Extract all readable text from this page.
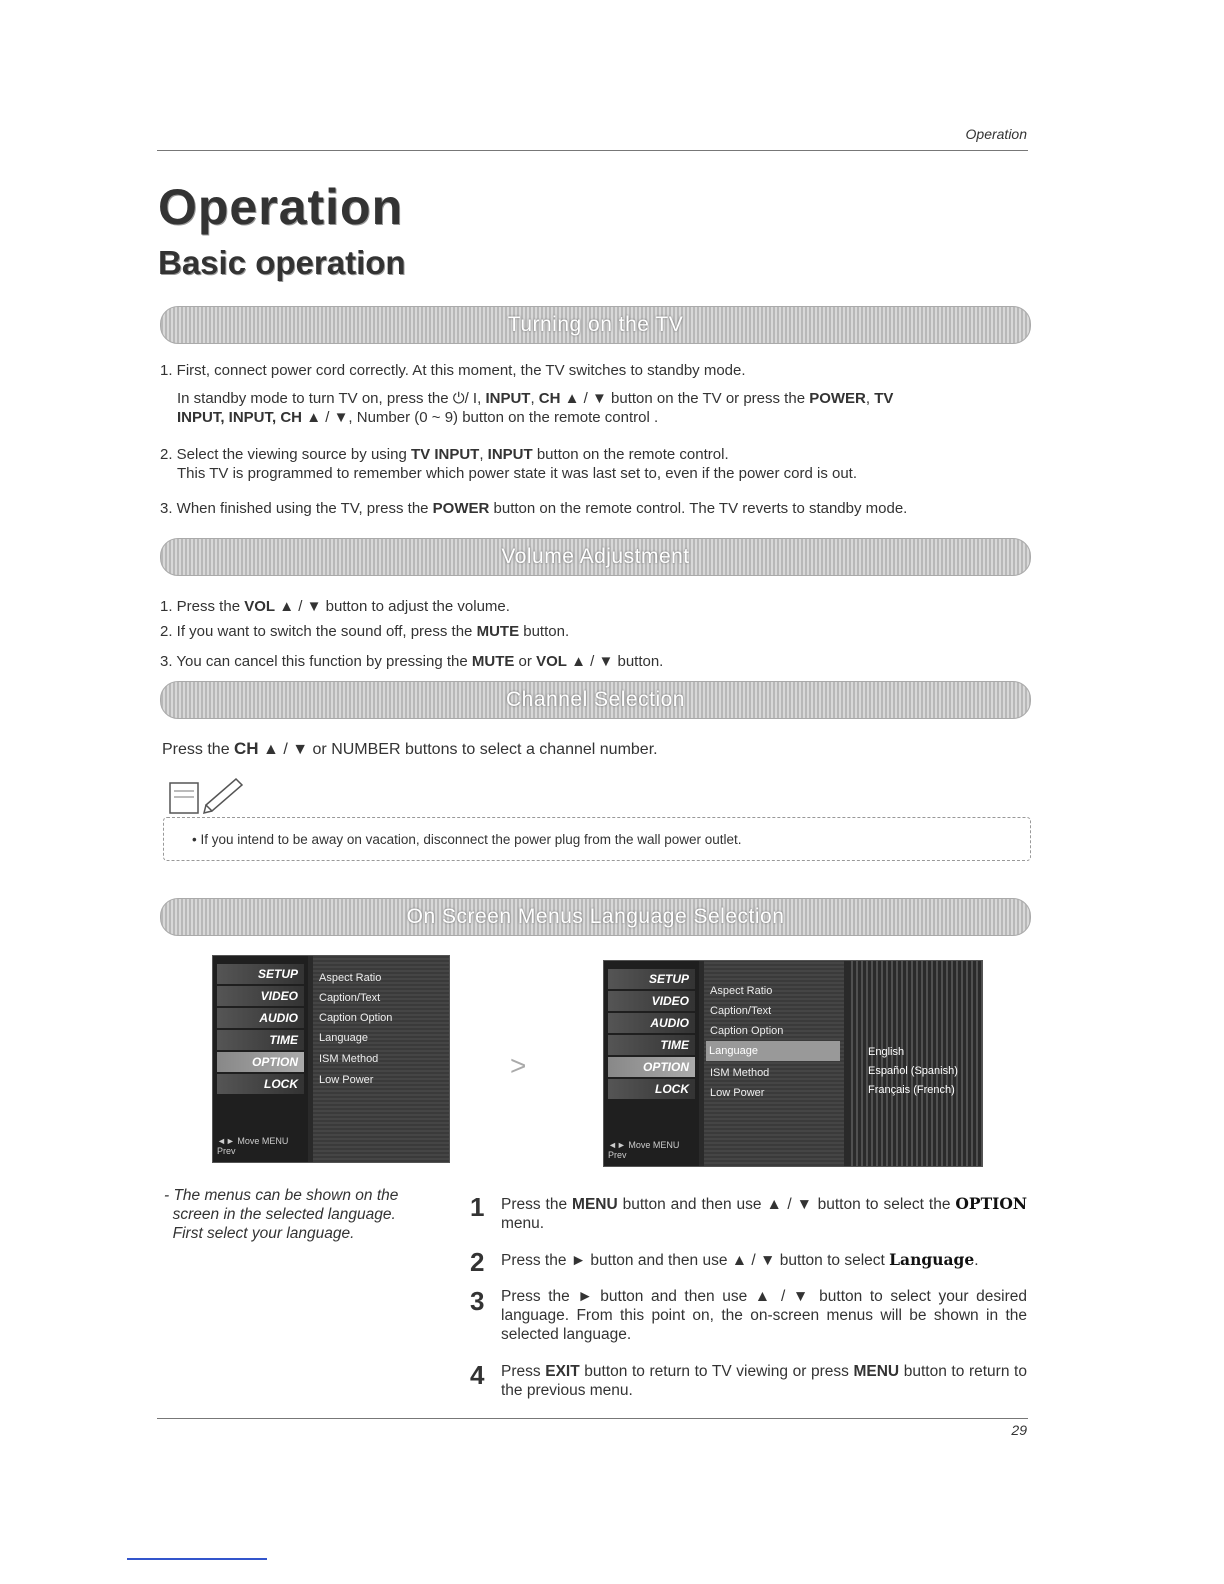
Operation
Operation
Basic operation
Turning on the TV
1. First, connect power cord correctly. At this moment, the TV switches to standby mode.
In standby mode to turn TV on, press the ⏻/ I, INPUT, CH ▲ / ▼ button on the TV or press the POWER, TV
INPUT, INPUT, CH ▲ / ▼, Number (0 ~ 9) button on the remote control .
2. Select the viewing source by using TV INPUT, INPUT button on the remote control.
This TV is programmed to remember which power state it was last set to, even if the power cord is out.
3. When finished using the TV, press the POWER button on the remote control. The TV reverts to standby mode.
Volume Adjustment
1. Press the VOL ▲ / ▼ button to adjust the volume.
2. If you want to switch the sound off, press the MUTE button.
3. You can cancel this function by pressing the MUTE or VOL ▲ / ▼ button.
Channel Selection
Press the CH ▲ / ▼ or NUMBER buttons to select a channel number.
• If you intend to be away on vacation, disconnect the power plug from the wall power outlet.
On Screen Menus Language Selection
SETUP
VIDEO
AUDIO
TIME
OPTION
LOCK
◄► Move MENU Prev
Aspect Ratio
Caption/Text
Caption Option
Language
ISM Method
Low Power	>
SETUP
VIDEO
AUDIO
TIME
OPTION
LOCK
◄► Move MENU Prev
Aspect Ratio
Caption/Text
Caption Option
Language
ISM Method
Low Power
English
Español (Spanish)
Français (French)
- The menus can be shown on the
screen in the selected language.
First select your language.
1 Press the MENU button and then use ▲ / ▼ button to select the OPTION menu.
2 Press the ► button and then use ▲ / ▼ button to select Language.
3 Press the ► button and then use ▲ / ▼ button to select your desired language. From this point on, the on-screen menus will be shown in the selected language.
4 Press EXIT button to return to TV viewing or press MENU button to return to the previous menu.
29
